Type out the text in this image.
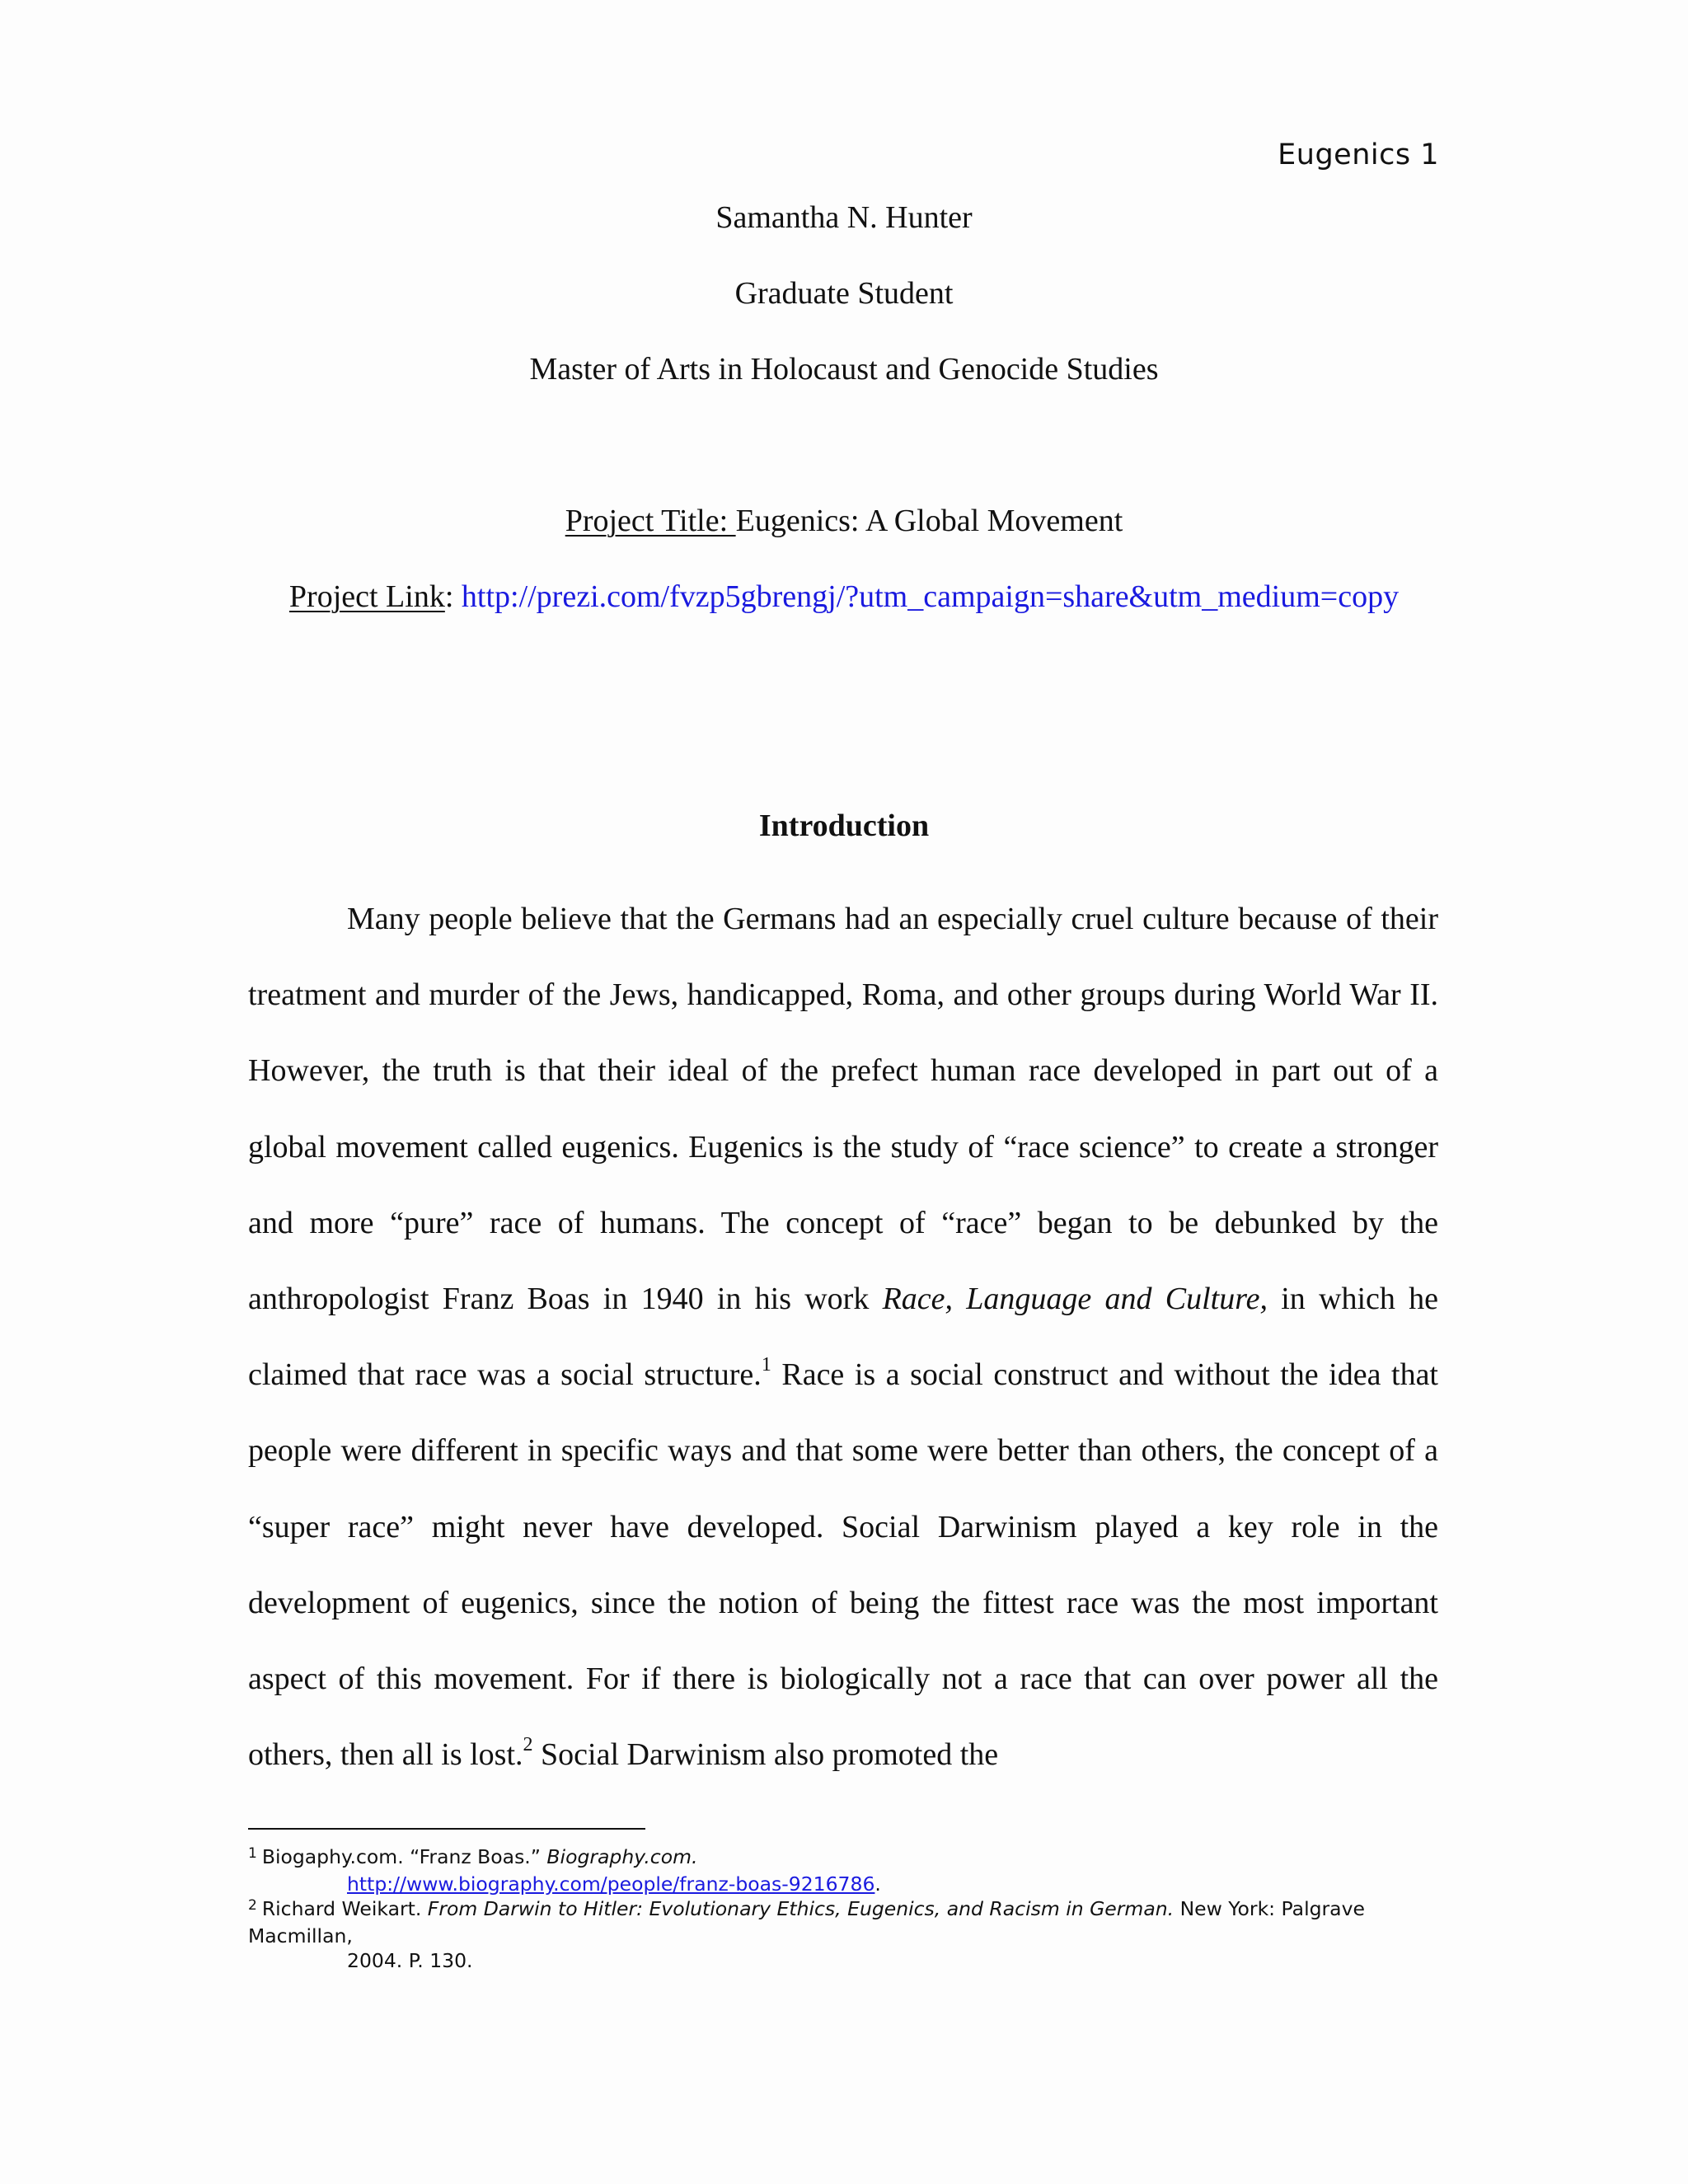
Eugenics 1
Samantha N. Hunter
Graduate Student
Master of Arts in Holocaust and Genocide Studies
Project Title: Eugenics: A Global Movement
Project Link: http://prezi.com/fvzp5gbrengj/?utm_campaign=share&utm_medium=copy
Introduction

Many people believe that the Germans had an especially cruel culture because of their treatment and murder of the Jews, handicapped, Roma, and other groups during World War II. However, the truth is that their ideal of the prefect human race developed in part out of a global movement called eugenics. Eugenics is the study of “race science” to create a stronger and more “pure” race of humans. The concept of “race” began to be debunked by the anthropologist Franz Boas in 1940 in his work Race, Language and Culture, in which he claimed that race was a social structure.$^1$ Race is a social construct and without the idea that people were different in specific ways and that some were better than others, the concept of a “super race” might never have developed. Social Darwinism played a key role in the development of eugenics, since the notion of being the fittest race was the most important aspect of this movement. For if there is biologically not a race that can over power all the others, then all is lost.$^2$ Social Darwinism also promoted the

$^1$ Biogaphy.com. “Franz Boas.” Biography.com.
http://www.biography.com/people/franz-boas-9216786.
$^2$ Richard Weikart. From Darwin to Hitler: Evolutionary Ethics, Eugenics, and Racism in German. New York: Palgrave Macmillan,
2004. P. 130.
